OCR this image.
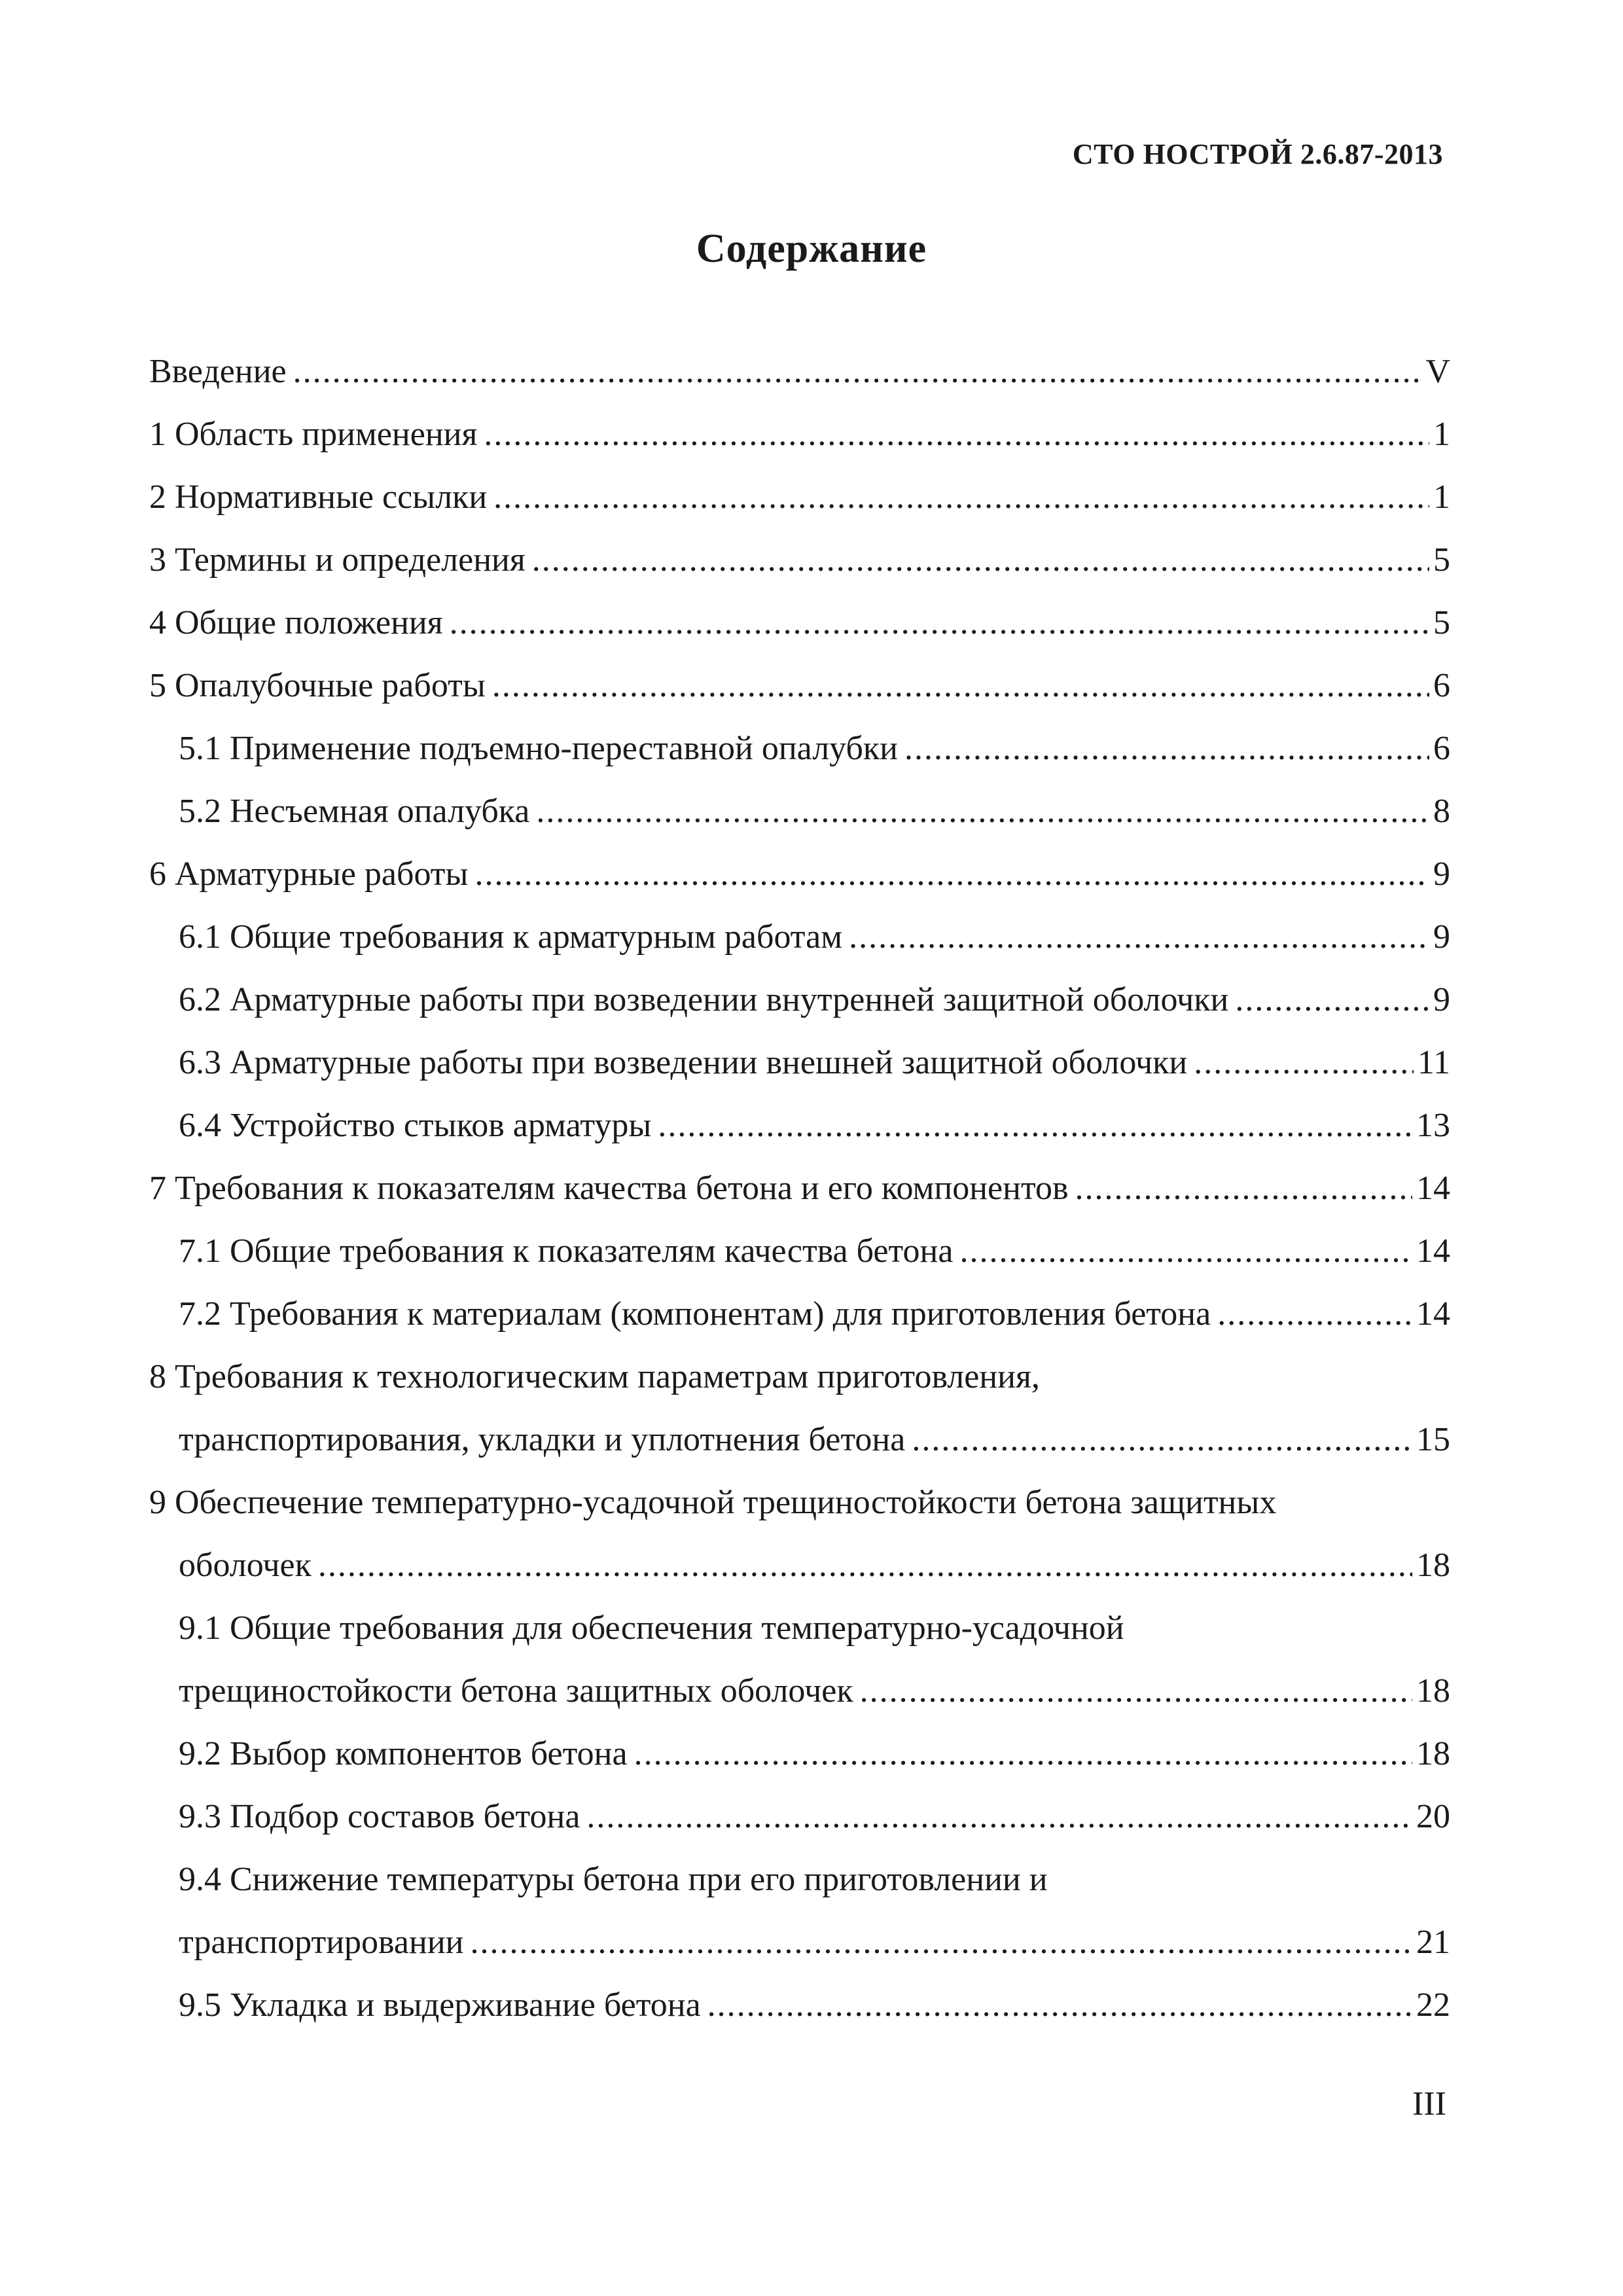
СТО НОСТРОЙ 2.6.87-2013
Содержание
Введение .....	V
1 Область применения .....	1
2 Нормативные ссылки .....	1
3 Термины и определения .....	5
4 Общие положения .....	5
5 Опалубочные работы .....	6
5.1 Применение подъемно-переставной опалубки .....	6
5.2 Несъемная опалубка .....	8
6 Арматурные работы .....	9
6.1 Общие требования к арматурным работам .....	9
6.2 Арматурные работы при возведении внутренней защитной оболочки .....	9
6.3 Арматурные работы при возведении внешней защитной оболочки .....	11
6.4 Устройство стыков арматуры .....	13
7 Требования к показателям качества бетона и его компонентов .....	14
7.1 Общие требования к показателям качества бетона .....	14
7.2 Требования к материалам (компонентам) для приготовления бетона .....	14
8 Требования к технологическим параметрам приготовления,
транспортирования, укладки и уплотнения бетона .....	15
9 Обеспечение температурно-усадочной трещиностойкости бетона защитных
оболочек .....	18
9.1 Общие требования для обеспечения температурно-усадочной
трещиностойкости бетона защитных оболочек .....	18
9.2 Выбор компонентов бетона .....	18
9.3 Подбор составов бетона .....	20
9.4 Снижение температуры бетона при его приготовлении и
транспортировании .....	21
9.5 Укладка и выдерживание бетона .....	22
III
